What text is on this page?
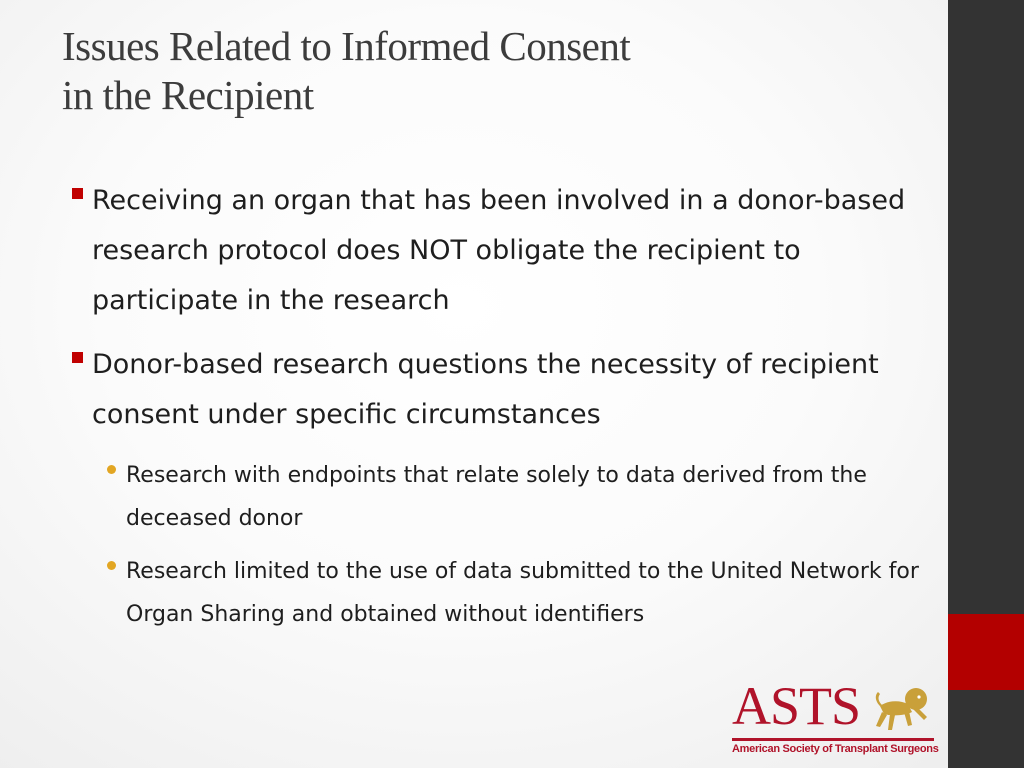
Issues Related to Informed Consent
in the Recipient
Receiving an organ that has been involved in a donor-based research protocol does NOT obligate the recipient to participate in the research
Donor-based research questions the necessity of recipient consent under specific circumstances
Research with endpoints that relate solely to data derived from the deceased donor
Research limited to the use of data submitted to the United Network for Organ Sharing and obtained without identifiers
ASTS
American Society of Transplant Surgeons
